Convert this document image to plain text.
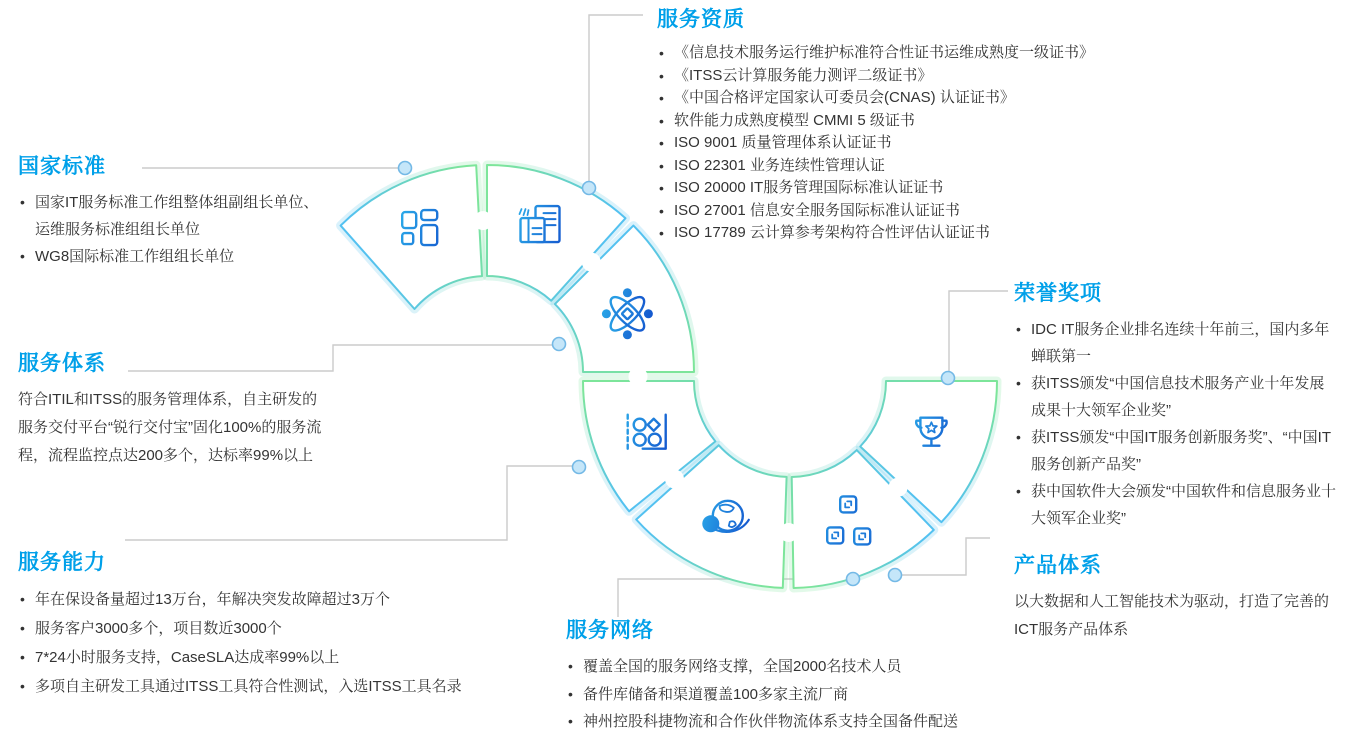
国家标准
• 国家IT服务标准工作组整体组副组长单位、运维服务标准组组长单位
• WG8国际标准工作组组长单位
服务资质
• 《信息技术服务运行维护标准符合性证书运维成熟度一级证书》
• 《ITSS云计算服务能力测评二级证书》
• 《中国合格评定国家认可委员会(CNAS) 认证证书》
• 软件能力成熟度模型 CMMI 5 级证书
• ISO 9001 质量管理体系认证证书
• ISO 22301 业务连续性管理认证
• ISO 20000 IT服务管理国际标准认证证书
• ISO 27001 信息安全服务国际标准认证证书
• ISO 17789 云计算参考架构符合性评估认证证书
服务体系

符合ITIL和ITSS的服务管理体系，自主研发的服务交付平台“锐行交付宝”固化100%的服务流程，流程监控点达200多个，达标率99%以上

服务能力
• 年在保设备量超过13万台，年解决突发故障超过3万个
• 服务客户3000多个，项目数近3000个
• 7*24小时服务支持，CaseSLA达成率99%以上
• 多项自主研发工具通过ITSS工具符合性测试，入选ITSS工具名录
服务网络
• 覆盖全国的服务网络支撑，全国2000名技术人员
• 备件库储备和渠道覆盖100多家主流厂商
• 神州控股科捷物流和合作伙伴物流体系支持全国备件配送
荣誉奖项
• IDC IT服务企业排名连续十年前三，国内多年蝉联第一
• 获ITSS颁发“中国信息技术服务产业十年发展成果十大领军企业奖”
• 获ITSS颁发“中国IT服务创新服务奖”、“中国IT服务创新产品奖”
• 获中国软件大会颁发“中国软件和信息服务业十大领军企业奖”
产品体系

以大数据和人工智能技术为驱动，打造了完善的ICT服务产品体系
